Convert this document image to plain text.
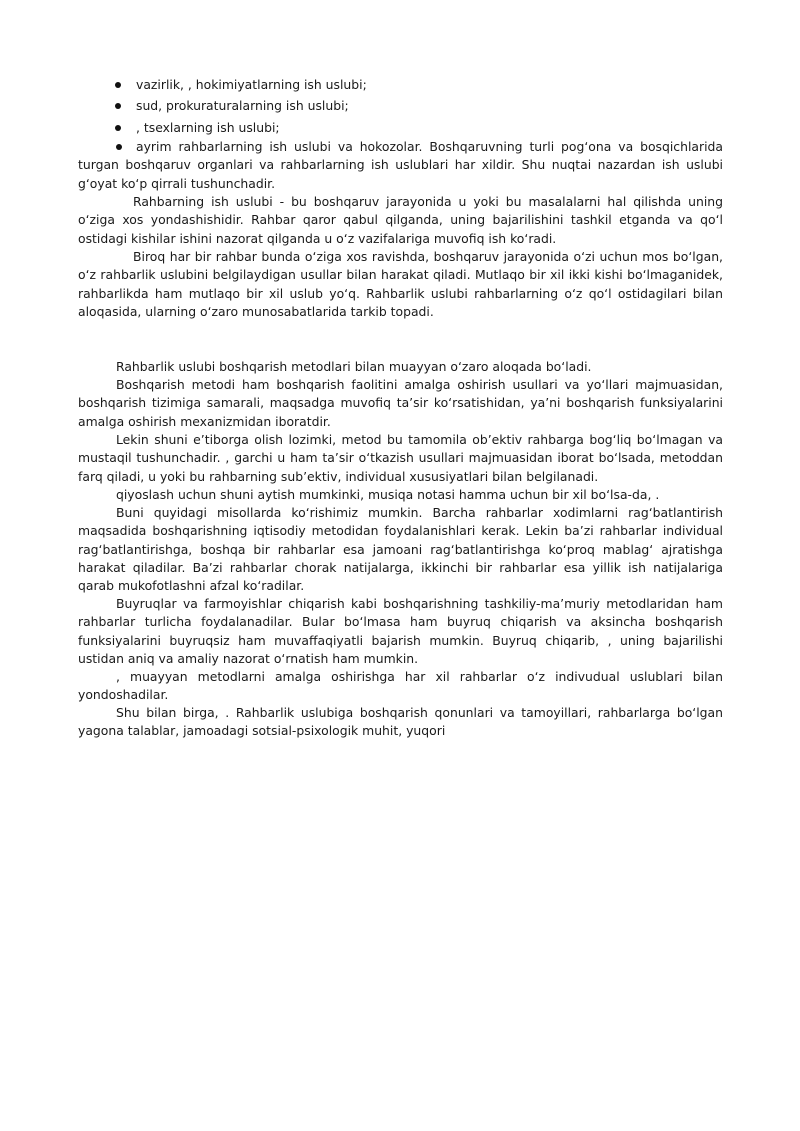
vazirlik, , hokimiyatlarning ish uslubi;
sud, prokuraturalarning ish uslubi;
, tsexlarning ish uslubi;

ayrim rahbarlarning ish uslubi va hokozolar. Boshqaruvning turli pog‘ona va bosqichlarida turgan boshqaruv organlari va rahbarlarning ish uslublari har xildir. Shu nuqtai nazardan ish uslubi g‘oyat ko‘p qirrali tushunchadir.

Rahbarning ish uslubi - bu boshqaruv jarayonida u yoki bu masalalarni hal qilishda uning o‘ziga xos yondashishidir. Rahbar qaror qabul qilganda, uning bajarilishini tashkil etganda va qo‘l ostidagi kishilar ishini nazorat qilganda u o‘z vazifalariga muvofiq ish ko‘radi.

Biroq har bir rahbar bunda o‘ziga xos ravishda, boshqaruv jarayonida o‘zi uchun mos bo‘lgan, o‘z rahbarlik uslubini belgilaydigan usullar bilan harakat qiladi. Mutlaqo bir xil ikki kishi bo‘lmaganidek, rahbarlikda ham mutlaqo bir xil uslub yo‘q. Rahbarlik uslubi rahbarlarning o‘z qo‘l ostidagilari bilan aloqasida, ularning o‘zaro munosabatlarida tarkib topadi.

Rahbarlik uslubi boshqarish metodlari bilan muayyan o‘zaro aloqada bo‘ladi.

Boshqarish metodi ham boshqarish faolitini amalga oshirish usullari va yo‘llari majmuasidan, boshqarish tizimiga samarali, maqsadga muvofiq ta’sir ko‘rsatishidan, ya’ni boshqarish funksiyalarini amalga oshirish mexanizmidan iboratdir.

Lekin shuni e’tiborga olish lozimki, metod bu tamomila ob’ektiv rahbarga bog‘liq bo‘lmagan va mustaqil tushunchadir. , garchi u ham ta’sir o‘tkazish usullari majmuasidan iborat bo‘lsada, metoddan farq qiladi, u yoki bu rahbarning sub’ektiv, individual xususiyatlari bilan belgilanadi.

qiyoslash uchun shuni aytish mumkinki, musiqa notasi hamma uchun bir xil bo‘lsa-da, .

Buni quyidagi misollarda ko‘rishimiz mumkin. Barcha rahbarlar xodimlarni rag‘batlantirish maqsadida boshqarishning iqtisodiy metodidan foydalanishlari kerak. Lekin ba’zi rahbarlar individual rag‘batlantirishga, boshqa bir rahbarlar esa jamoani rag‘batlantirishga ko‘proq mablag‘ ajratishga harakat qiladilar. Ba’zi rahbarlar chorak natijalarga, ikkinchi bir rahbarlar esa yillik ish natijalariga qarab mukofotlashni afzal ko‘radilar.

Buyruqlar va farmoyishlar chiqarish kabi boshqarishning tashkiliy-ma’muriy metodlaridan ham rahbarlar turlicha foydalanadilar. Bular bo‘lmasa ham buyruq chiqarish va aksincha boshqarish funksiyalarini buyruqsiz ham muvaffaqiyatli bajarish mumkin. Buyruq chiqarib, , uning bajarilishi ustidan aniq va amaliy nazorat o‘rnatish ham mumkin.

, muayyan metodlarni amalga oshirishga har xil rahbarlar o‘z indivudual uslublari bilan yondoshadilar.

Shu bilan birga, . Rahbarlik uslubiga boshqarish qonunlari va tamoyillari, rahbarlarga bo‘lgan yagona talablar, jamoadagi sotsial-psixologik muhit, yuqori
